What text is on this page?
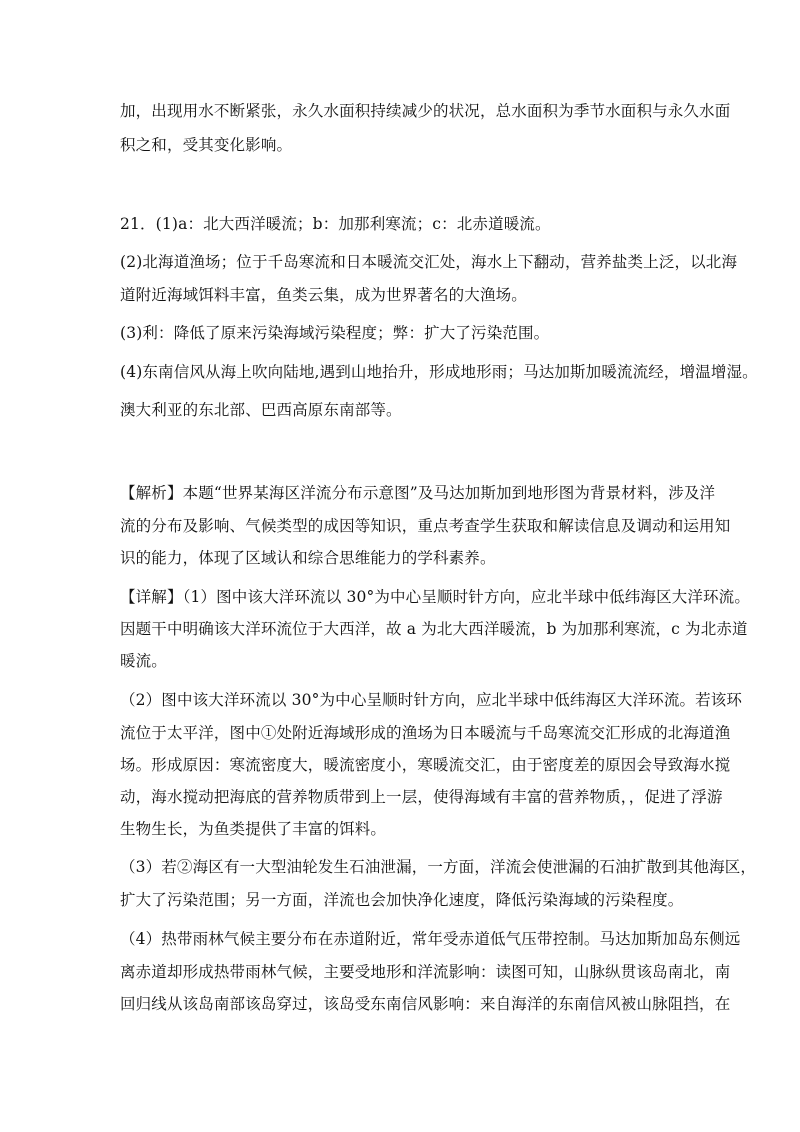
加，出现用水不断紧张，永久水面积持续减少的状况，总水面积为季节水面积与永久水面
积之和，受其变化影响。
21．(1)a：北大西洋暖流；b：加那利寒流；c：北赤道暖流。
(2)北海道渔场；位于千岛寒流和日本暖流交汇处，海水上下翻动，营养盐类上泛，以北海
道附近海域饵料丰富，鱼类云集，成为世界著名的大渔场。
(3)利：降低了原来污染海域污染程度；弊：扩大了污染范围。
(4)东南信风从海上吹向陆地,遇到山地抬升，形成地形雨；马达加斯加暖流流经，增温增湿。
澳大利亚的东北部、巴西高原东南部等。
【解析】本题“世界某海区洋流分布示意图”及马达加斯加到地形图为背景材料，涉及洋
流的分布及影响、气候类型的成因等知识，重点考查学生获取和解读信息及调动和运用知
识的能力，体现了区域认和综合思维能力的学科素养。
【详解】（1）图中该大洋环流以 30°为中心呈顺时针方向，应北半球中低纬海区大洋环流。
因题干中明确该大洋环流位于大西洋，故 a 为北大西洋暖流，b 为加那利寒流，c 为北赤道
暖流。
（2）图中该大洋环流以 30°为中心呈顺时针方向，应北半球中低纬海区大洋环流。若该环
流位于太平洋，图中①处附近海域形成的渔场为日本暖流与千岛寒流交汇形成的北海道渔
场。形成原因：寒流密度大，暖流密度小，寒暖流交汇，由于密度差的原因会导致海水搅
动，海水搅动把海底的营养物质带到上一层，使得海域有丰富的营养物质，，促进了浮游
生物生长，为鱼类提供了丰富的饵料。
（3）若②海区有一大型油轮发生石油泄漏，一方面，洋流会使泄漏的石油扩散到其他海区，
扩大了污染范围；另一方面，洋流也会加快净化速度，降低污染海域的污染程度。
（4）热带雨林气候主要分布在赤道附近，常年受赤道低气压带控制。马达加斯加岛东侧远
离赤道却形成热带雨林气候，主要受地形和洋流影响：读图可知，山脉纵贯该岛南北，南
回归线从该岛南部该岛穿过，该岛受东南信风影响：来自海洋的东南信风被山脉阻挡，在
